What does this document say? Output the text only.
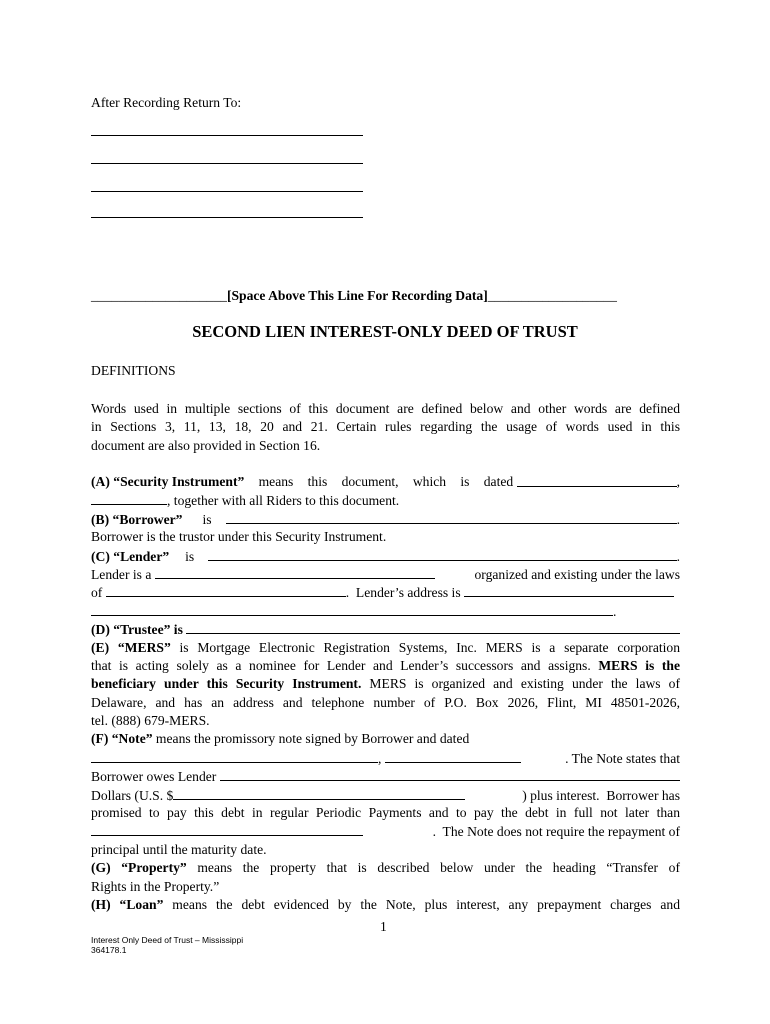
After Recording Return To:
____________________[Space Above This Line For Recording Data]___________________
SECOND LIEN INTEREST-ONLY DEED OF TRUST
DEFINITIONS
Words used in multiple sections of this document are defined below and other words are defined
in Sections 3, 11, 13, 18, 20 and 21. Certain rules regarding the usage of words used in this
document are also provided in Section 16.
(A) “Security Instrument” means this document, which is dated	,
, together with all Riders to this document.
(B) “Borrower” is	.
Borrower is the trustor under this Security Instrument.
(C) “Lender” is	.
Lender is a	organized and existing under the laws
of	.  Lender’s address is
.
(D) “Trustee” is
(E) “MERS” is Mortgage Electronic Registration Systems, Inc. MERS is a separate corporation
that is acting solely as a nominee for Lender and Lender’s successors and assigns. MERS is the
beneficiary under this Security Instrument. MERS is organized and existing under the laws of
Delaware, and has an address and telephone number of P.O. Box 2026, Flint, MI 48501-2026,
tel. (888) 679-MERS.
(F) “Note” means the promissory note signed by Borrower and dated
,	. The Note states that
Borrower owes Lender
Dollars (U.S. $	) plus interest.  Borrower has
promised to pay this debt in regular Periodic Payments and to pay the debt in full not later than
.  The Note does not require the repayment of
principal until the maturity date.
(G) “Property” means the property that is described below under the heading “Transfer of
Rights in the Property.”
(H) “Loan” means the debt evidenced by the Note, plus interest, any prepayment charges and
1
Interest Only Deed of Trust – Mississippi
364178.1
